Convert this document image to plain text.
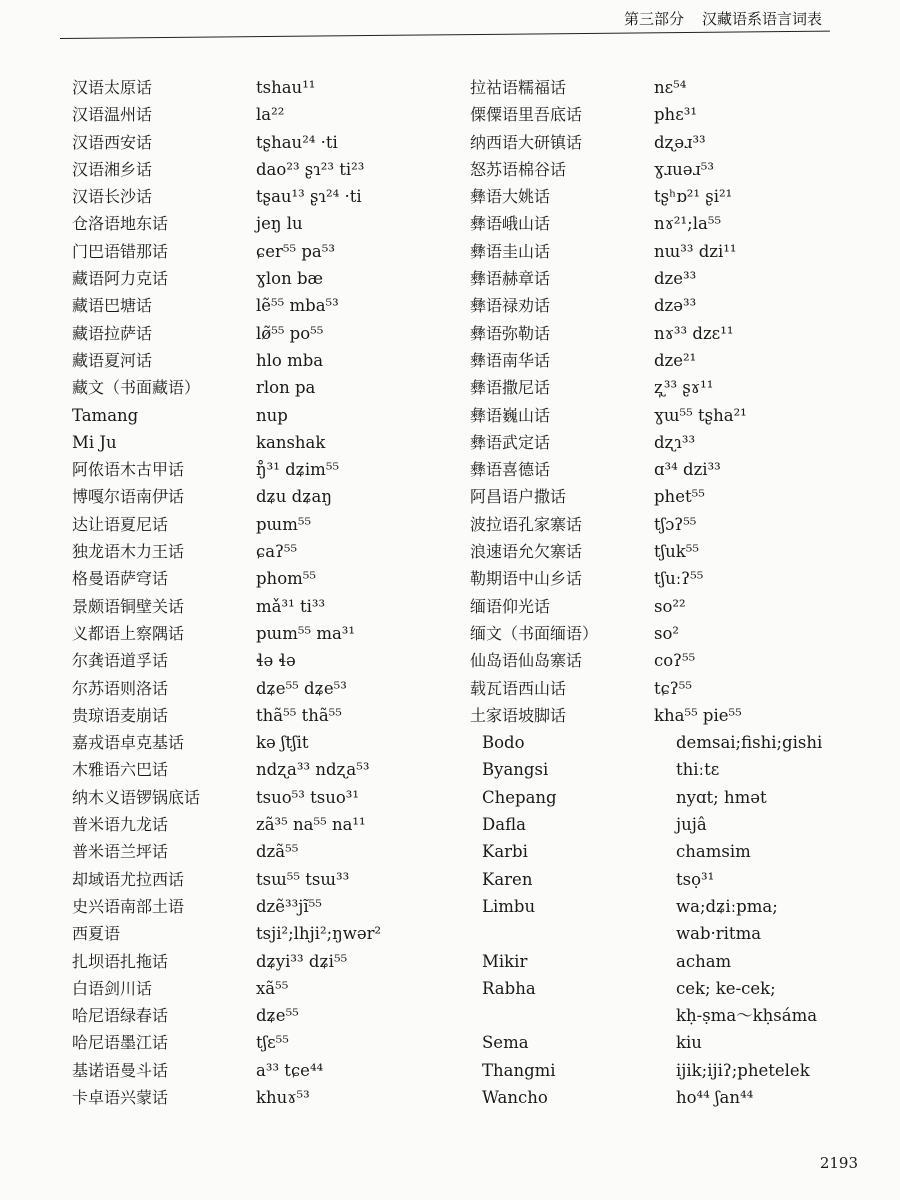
第三部分 汉藏语系语言词表
汉语太原话	tshau¹¹
汉语温州话	la²²
汉语西安话	tʂhau²⁴ ·ti
汉语湘乡话	dao²³ ʂɿ²³ ti²³
汉语长沙话	tʂau¹³ ʂɿ²⁴ ·ti
仓洛语地东话	jeŋ lu
门巴语错那话	ɕer⁵⁵ pa⁵³
藏语阿力克话	ɣlon bæ
藏语巴塘话	lẽ⁵⁵ mba⁵³
藏语拉萨话	lø̃⁵⁵ po⁵⁵
藏语夏河话	hlo mba
藏文（书面藏语）	rlon pa
Tamang	nup
Mi Ju	kanshak
阿侬语木古甲话	ŋ̊³¹ dʑim⁵⁵
博嘎尔语南伊话	dʑu dʑaŋ
达让语夏尼话	pɯm⁵⁵
独龙语木力王话	ɕaʔ⁵⁵
格曼语萨穹话	phom⁵⁵
景颇语铜壁关话	mǎ³¹ ti³³
义都语上察隅话	pɯm⁵⁵ ma³¹
尔龚语道孚话	ɬə ɬə
尔苏语则洛话	dʑe⁵⁵ dʑe⁵³
贵琼语麦崩话	thã⁵⁵ thã⁵⁵
嘉戎语卓克基话	kə ʃtʃit
木雅语六巴话	ndʐa³³ ndʐa⁵³
纳木义语锣锅底话	tsuo⁵³ tsuo³¹
普米语九龙话	zã³⁵ na⁵⁵ na¹¹
普米语兰坪话	dzã⁵⁵
却域语尤拉西话	tsɯ⁵⁵ tsɯ³³
史兴语南部土语	dzẽ³³jĩ⁵⁵
西夏语	tsji²;lhji²;ŋwər²
扎坝语扎拖话	dʑyi³³ dʑi⁵⁵
白语剑川话	xã⁵⁵
哈尼语绿春话	dʑe⁵⁵
哈尼语墨江话	tʃɛ⁵⁵
基诺语曼斗话	a³³ tɕe⁴⁴
卡卓语兴蒙话	khuɤ⁵³
拉祜语糯福话	nɛ⁵⁴
傈僳语里吾底话	phɛ³¹
纳西语大研镇话	dʐəɹ³³
怒苏语棉谷话	ɣɹuəɹ⁵³
彝语大姚话	tʂʰɒ²¹ ʂi²¹
彝语峨山话	nɤ²¹;la⁵⁵
彝语圭山话	nɯ³³ dzi¹¹
彝语赫章话	dze³³
彝语禄劝话	dzə³³
彝语弥勒话	nɤ³³ dzɛ¹¹
彝语南华话	dze²¹
彝语撒尼话	ʐ̩³³ ʂɤ¹¹
彝语巍山话	ɣɯ⁵⁵ tʂha²¹
彝语武定话	dʐɿ³³
彝语喜德话	ɑ³⁴ dzi³³
阿昌语户撒话	phet⁵⁵
波拉语孔家寨话	tʃɔʔ⁵⁵
浪速语允欠寨话	tʃuk⁵⁵
勒期语中山乡话	tʃuːʔ⁵⁵
缅语仰光话	so²²
缅文（书面缅语）	so²
仙岛语仙岛寨话	coʔ⁵⁵
载瓦语西山话	tɕʔ⁵⁵
土家语坡脚话	kha⁵⁵ pie⁵⁵
Bodo	demsai;fishi;gishi
Byangsi	thiːtɛ
Chepang	nyɑt; hmət
Dafla	jujâ
Karbi	chamsim
Karen	tsọ³¹
Limbu	wa;dʑiːpma;
wab·ritma
Mikir	acham
Rabha	cek; ke-cek;
kḥ-ṣma～kḥsáma
Sema	kiu
Thangmi	ijik;ijiʔ;phetelek
Wancho	ho⁴⁴ ʃan⁴⁴
2193
